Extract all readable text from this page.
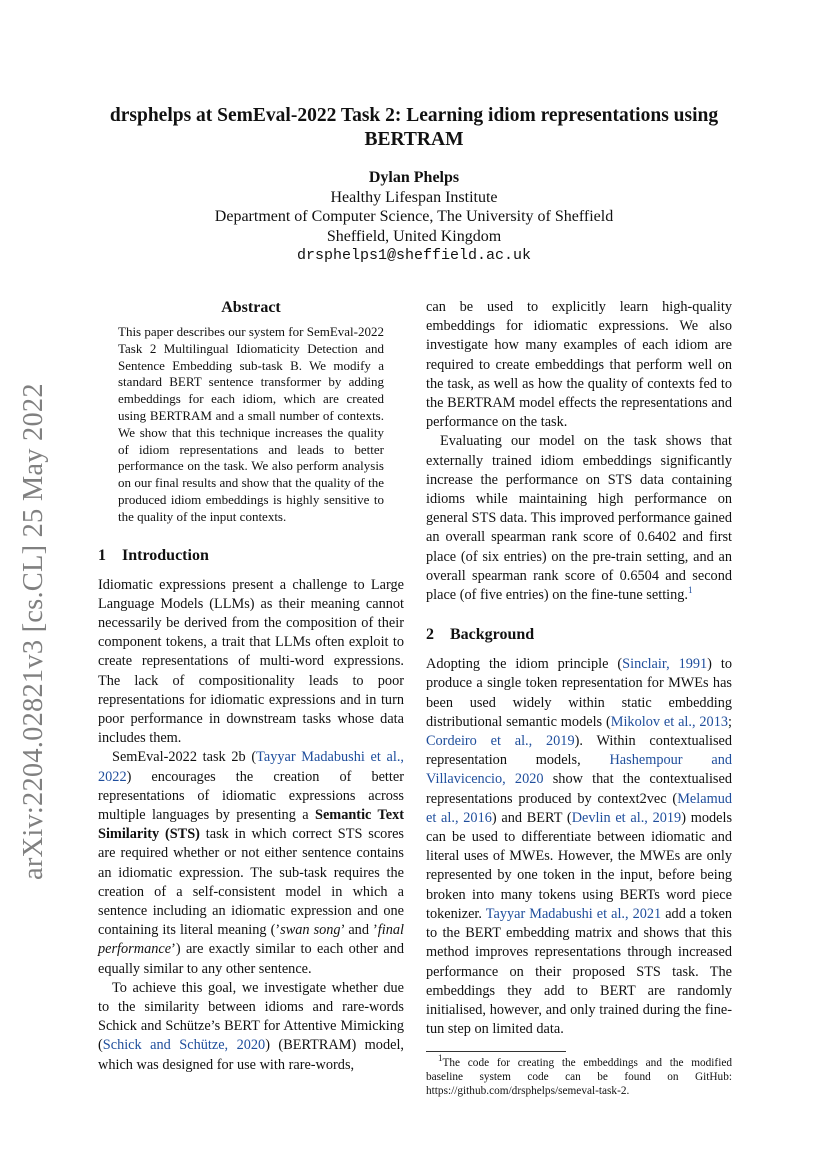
arXiv:2204.02821v3 [cs.CL] 25 May 2022
drsphelps at SemEval-2022 Task 2: Learning idiom representations using
BERTRAM
Dylan Phelps
Healthy Lifespan Institute
Department of Computer Science, The University of Sheffield
Sheffield, United Kingdom
drsphelps1@sheffield.ac.uk
Abstract

This paper describes our system for SemEval-2022 Task 2 Multilingual Idiomaticity Detection and Sentence Embedding sub-task B. We modify a standard BERT sentence transformer by adding embeddings for each idiom, which are created using BERTRAM and a small number of contexts. We show that this technique increases the quality of idiom representations and leads to better performance on the task. We also perform analysis on our final results and show that the quality of the produced idiom embeddings is highly sensitive to the quality of the input contexts.

1 Introduction

Idiomatic expressions present a challenge to Large Language Models (LLMs) as their meaning cannot necessarily be derived from the composition of their component tokens, a trait that LLMs often exploit to create representations of multi-word expressions. The lack of compositionality leads to poor representations for idiomatic expressions and in turn poor performance in downstream tasks whose data includes them.

SemEval-2022 task 2b (Tayyar Madabushi et al., 2022) encourages the creation of better representations of idiomatic expressions across multiple languages by presenting a Semantic Text Similarity (STS) task in which correct STS scores are required whether or not either sentence contains an idiomatic expression. The sub-task requires the creation of a self-consistent model in which a sentence including an idiomatic expression and one containing its literal meaning (’swan song’ and ’final performance’) are exactly similar to each other and equally similar to any other sentence.

To achieve this goal, we investigate whether due to the similarity between idioms and rare-words Schick and Schütze’s BERT for Attentive Mimicking (Schick and Schütze, 2020) (BERTRAM) model, which was designed for use with rare-words,

can be used to explicitly learn high-quality embeddings for idiomatic expressions. We also investigate how many examples of each idiom are required to create embeddings that perform well on the task, as well as how the quality of contexts fed to the BERTRAM model effects the representations and performance on the task.

Evaluating our model on the task shows that externally trained idiom embeddings significantly increase the performance on STS data containing idioms while maintaining high performance on general STS data. This improved performance gained an overall spearman rank score of 0.6402 and first place (of six entries) on the pre-train setting, and an overall spearman rank score of 0.6504 and second place (of five entries) on the fine-tune setting.$^1$

2 Background

Adopting the idiom principle (Sinclair, 1991) to produce a single token representation for MWEs has been used widely within static embedding distributional semantic models (Mikolov et al., 2013; Cordeiro et al., 2019). Within contextualised representation models, Hashempour and Villavicencio, 2020 show that the contextualised representations produced by context2vec (Melamud et al., 2016) and BERT (Devlin et al., 2019) models can be used to differentiate between idiomatic and literal uses of MWEs. However, the MWEs are only represented by one token in the input, before being broken into many tokens using BERTs word piece tokenizer. Tayyar Madabushi et al., 2021 add a token to the BERT embedding matrix and shows that this method improves representations through increased performance on their proposed STS task. The embeddings they add to BERT are randomly initialised, however, and only trained during the fine-tun step on limited data.

$^1$The code for creating the embeddings and the modified baseline system code can be found on GitHub: https://github.com/drsphelps/semeval-task-2.
